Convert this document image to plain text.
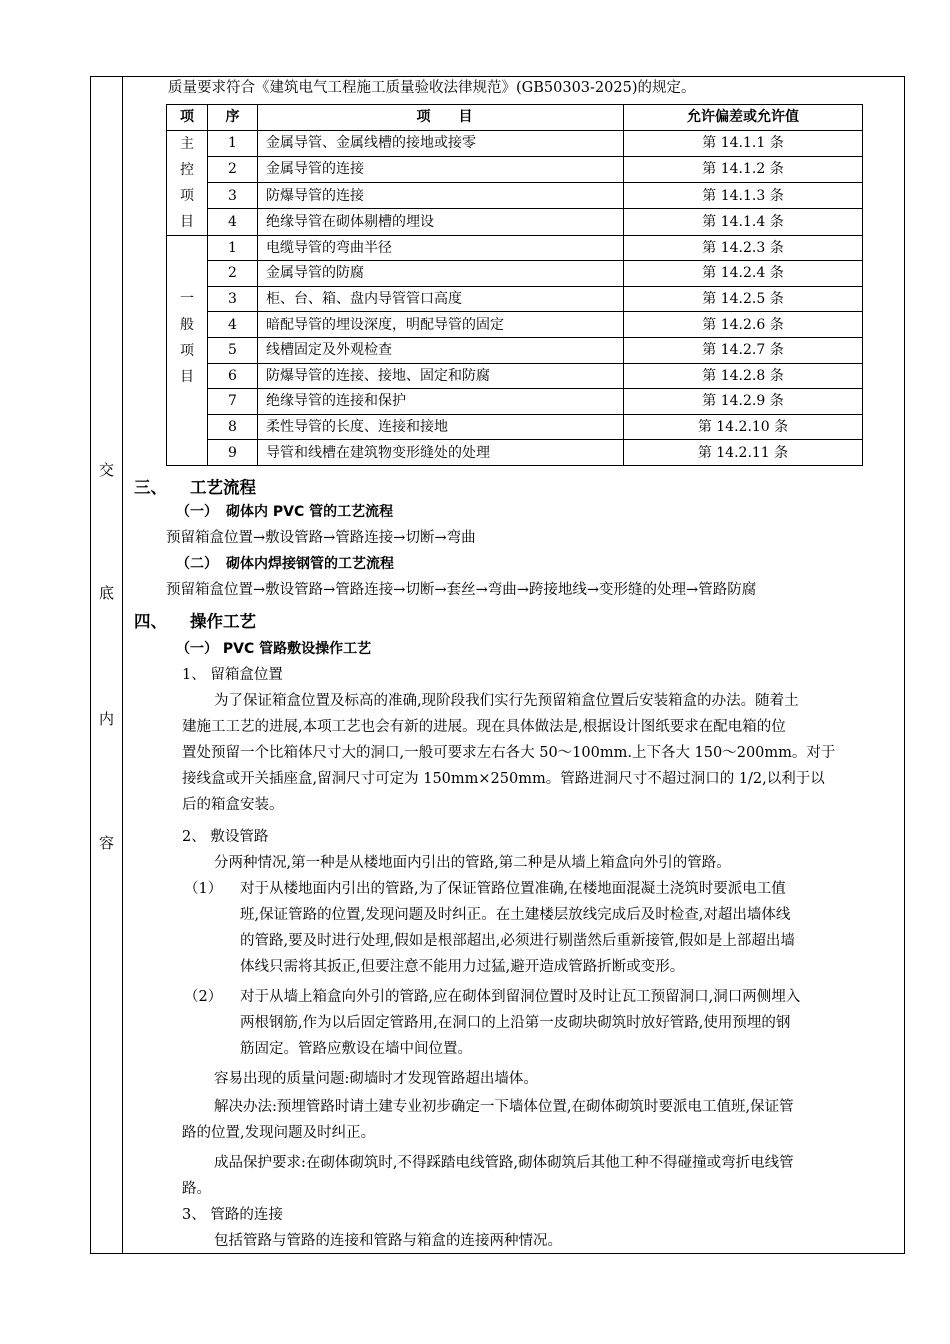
交
底
内
容
质量要求符合《建筑电气工程施工质量验收法律规范》(GB50303-2025)的规定。
项	序	项　　目	允许偏差或允许值

主
控
项
目	1	金属导管、金属线槽的接地或接零	第 14.1.1 条
	2	金属导管的连接	第 14.1.2 条
	3	防爆导管的连接	第 14.1.3 条
	4	绝缘导管在砌体剔槽的埋设	第 14.1.4 条

一
般
项
目	1	电缆导管的弯曲半径	第 14.2.3 条
	2	金属导管的防腐	第 14.2.4 条
	3	柜、台、箱、盘内导管管口高度	第 14.2.5 条
	4	暗配导管的埋设深度，明配导管的固定	第 14.2.6 条
	5	线槽固定及外观检查	第 14.2.7 条
	6	防爆导管的连接、接地、固定和防腐	第 14.2.8 条
	7	绝缘导管的连接和保护	第 14.2.9 条
	8	柔性导管的长度、连接和接地	第 14.2.10 条
	9	导管和线槽在建筑物变形缝处的处理	第 14.2.11 条
三、 工艺流程
（一） 砌体内 PVC 管的工艺流程
预留箱盒位置→敷设管路→管路连接→切断→弯曲
（二） 砌体内焊接钢管的工艺流程
预留箱盒位置→敷设管路→管路连接→切断→套丝→弯曲→跨接地线→变形缝的处理→管路防腐
四、 操作工艺
（一） PVC 管路敷设操作工艺
1、 留箱盒位置
为了保证箱盒位置及标高的准确,现阶段我们实行先预留箱盒位置后安装箱盒的办法。随着土
建施工工艺的进展,本项工艺也会有新的进展。现在具体做法是,根据设计图纸要求在配电箱的位
置处预留一个比箱体尺寸大的洞口,一般可要求左右各大 50～100mm.上下各大 150～200mm。对于
接线盒或开关插座盒,留洞尺寸可定为 150mm×250mm。管路进洞尺寸不超过洞口的 1/2,以利于以
后的箱盒安装。
2、 敷设管路
分两种情况,第一种是从楼地面内引出的管路,第二种是从墙上箱盒向外引的管路。
（1） 对于从楼地面内引出的管路,为了保证管路位置准确,在楼地面混凝土浇筑时要派电工值
班,保证管路的位置,发现问题及时纠正。在土建楼层放线完成后及时检查,对超出墙体线
的管路,要及时进行处理,假如是根部超出,必须进行剔凿然后重新接管,假如是上部超出墙
体线只需将其扳正,但要注意不能用力过猛,避开造成管路折断或变形。
（2） 对于从墙上箱盒向外引的管路,应在砌体到留洞位置时及时让瓦工预留洞口,洞口两侧埋入
两根钢筋,作为以后固定管路用,在洞口的上沿第一皮砌块砌筑时放好管路,使用预埋的钢
筋固定。管路应敷设在墙中间位置。
容易出现的质量问题:砌墙时才发现管路超出墙体。
解决办法:预埋管路时请土建专业初步确定一下墙体位置,在砌体砌筑时要派电工值班,保证管
路的位置,发现问题及时纠正。
成品保护要求:在砌体砌筑时,不得踩踏电线管路,砌体砌筑后其他工种不得碰撞或弯折电线管
路。
3、 管路的连接
包括管路与管路的连接和管路与箱盒的连接两种情况。
